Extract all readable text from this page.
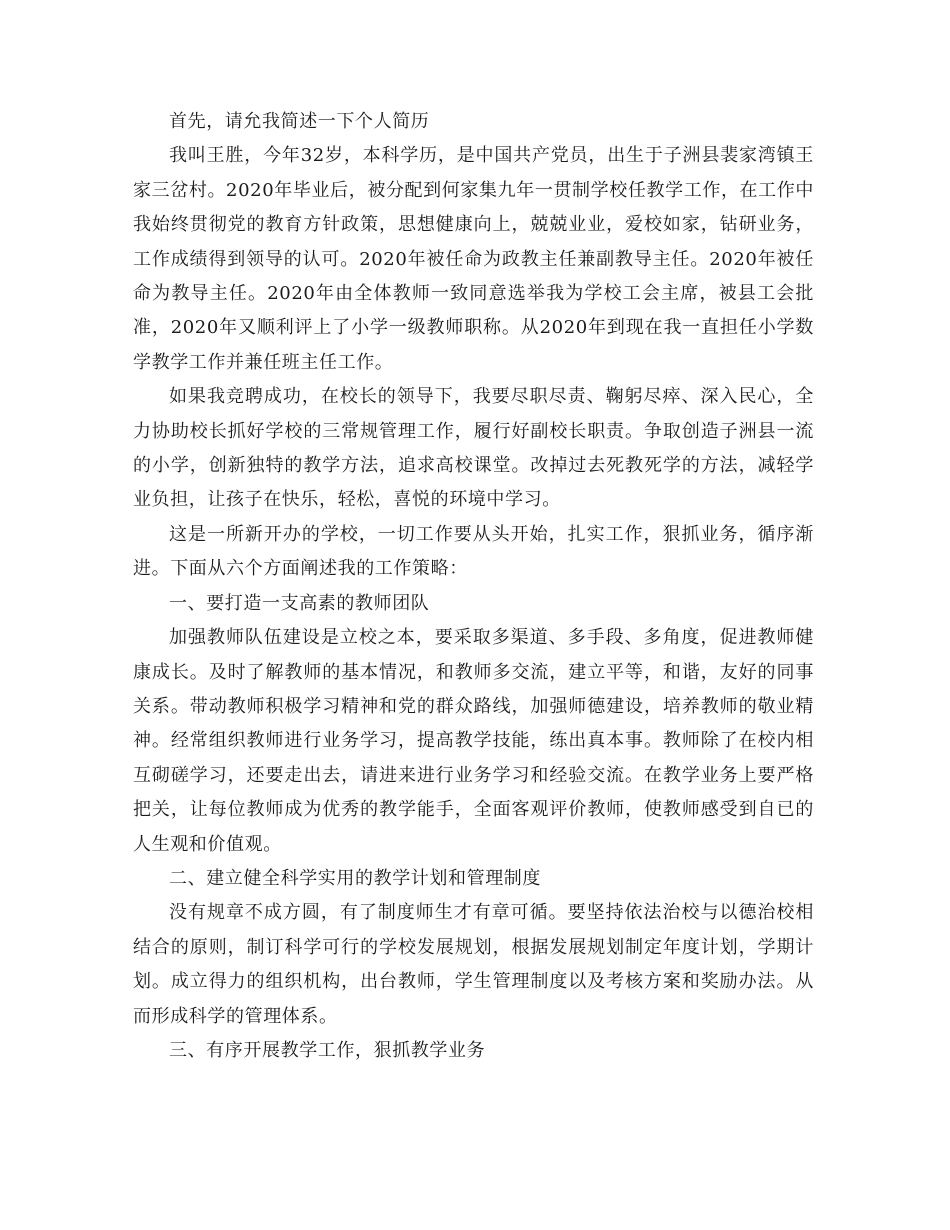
首先，请允我简述一下个人简历

我叫王胜，今年32岁，本科学历，是中国共产党员，出生于子洲县裴家湾镇王家三岔村。2020年毕业后，被分配到何家集九年一贯制学校任教学工作，在工作中我始终贯彻党的教育方针政策，思想健康向上，兢兢业业，爱校如家，钻研业务，工作成绩得到领导的认可。2020年被任命为政教主任兼副教导主任。2020年被任命为教导主任。2020年由全体教师一致同意选举我为学校工会主席，被县工会批准，2020年又顺利评上了小学一级教师职称。从2020年到现在我一直担任小学数学教学工作并兼任班主任工作。

如果我竞聘成功，在校长的领导下，我要尽职尽责、鞠躬尽瘁、深入民心，全力协助校长抓好学校的三常规管理工作，履行好副校长职责。争取创造子洲县一流的小学，创新独特的教学方法，追求高校课堂。改掉过去死教死学的方法，减轻学业负担，让孩子在快乐，轻松，喜悦的环境中学习。

这是一所新开办的学校，一切工作要从头开始，扎实工作，狠抓业务，循序渐进。下面从六个方面阐述我的工作策略：

一、要打造一支高素的教师团队

加强教师队伍建设是立校之本，要采取多渠道、多手段、多角度，促进教师健康成长。及时了解教师的基本情况，和教师多交流，建立平等，和谐，友好的同事关系。带动教师积极学习精神和党的群众路线，加强师德建设，培养教师的敬业精神。经常组织教师进行业务学习，提高教学技能，练出真本事。教师除了在校内相互砌磋学习，还要走出去，请进来进行业务学习和经验交流。在教学业务上要严格把关，让每位教师成为优秀的教学能手，全面客观评价教师，使教师感受到自已的人生观和价值观。

二、建立健全科学实用的教学计划和管理制度

没有规章不成方圆，有了制度师生才有章可循。要坚持依法治校与以德治校相结合的原则，制订科学可行的学校发展规划，根据发展规划制定年度计划，学期计划。成立得力的组织机构，出台教师，学生管理制度以及考核方案和奖励办法。从而形成科学的管理体系。

三、有序开展教学工作，狠抓教学业务
